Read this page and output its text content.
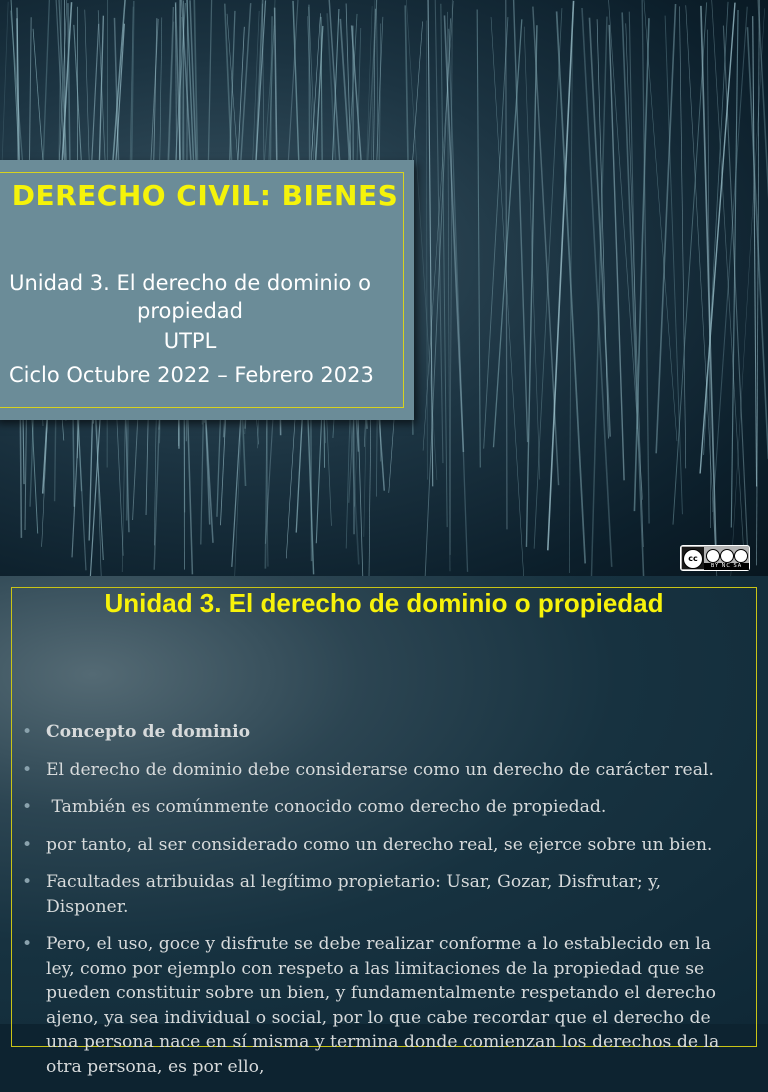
DERECHO CIVIL: BIENES
Unidad 3. El derecho de dominio o propiedad
UTPL
Ciclo Octubre 2022 – Febrero 2023
cc
BY NC SA
Unidad 3. El derecho de dominio o propiedad
• Concepto de dominio
• El derecho de dominio debe considerarse como un derecho de carácter real.
• También es comúnmente conocido como derecho de propiedad.
• por tanto, al ser considerado como un derecho real, se ejerce sobre un bien.
• Facultades atribuidas al legítimo propietario: Usar, Gozar, Disfrutar; y, Disponer.
• Pero, el uso, goce y disfrute se debe realizar conforme a lo establecido en la ley, como por ejemplo con respeto a las limitaciones de la propiedad que se pueden constituir sobre un bien, y fundamentalmente respetando el derecho ajeno, ya sea individual o social, por lo que cabe recordar que el derecho de una persona nace en sí misma y termina donde comienzan los derechos de la otra persona, es por ello,
